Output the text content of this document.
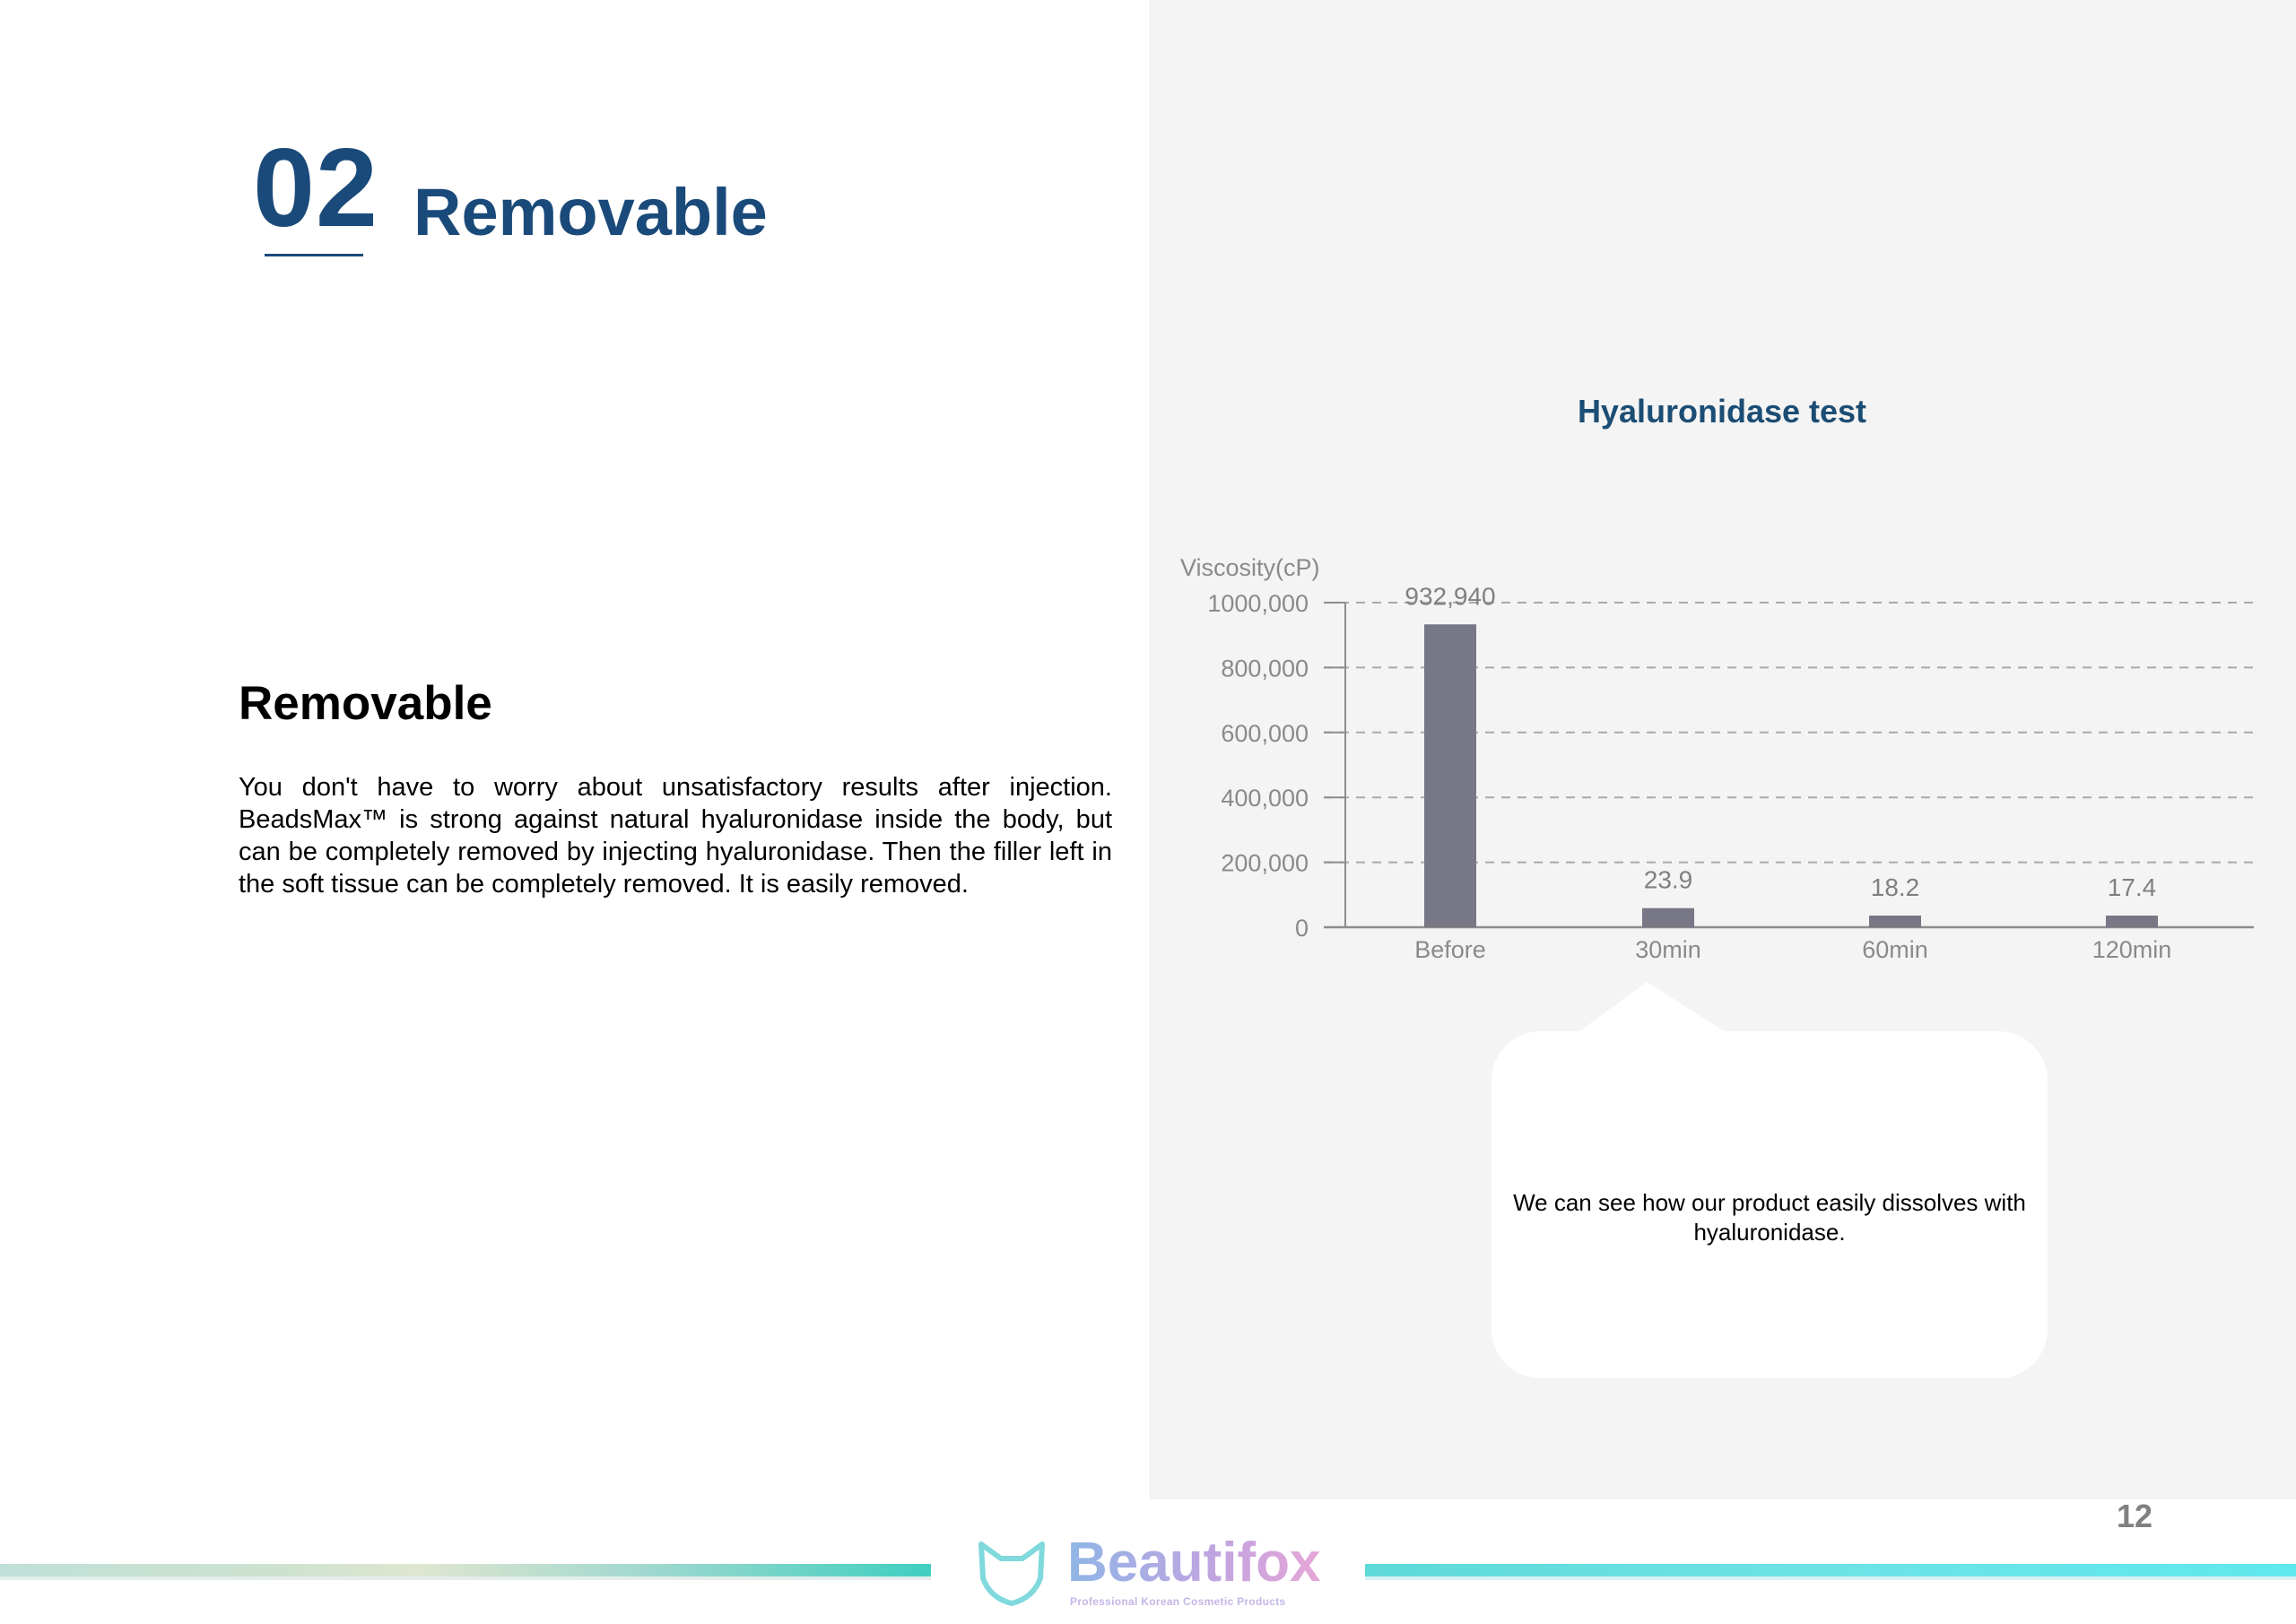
02 Removable
Removable
You don't have to worry about unsatisfactory results after injection. BeadsMax™ is strong against natural hyaluronidase inside the body, but can be completely removed by injecting hyaluronidase. Then the filler left in the soft tissue can be completely removed. It is easily removed.
Hyaluronidase test
Viscosity(cP)
0
200,000
400,000
600,000
800,000
1000,000	932,940
23.9	18.2	17.4
Before	30min	60min	120min
We can see how our product easily dissolves with hyaluronidase.
12
Beautifox
Professional Korean Cosmetic Products
